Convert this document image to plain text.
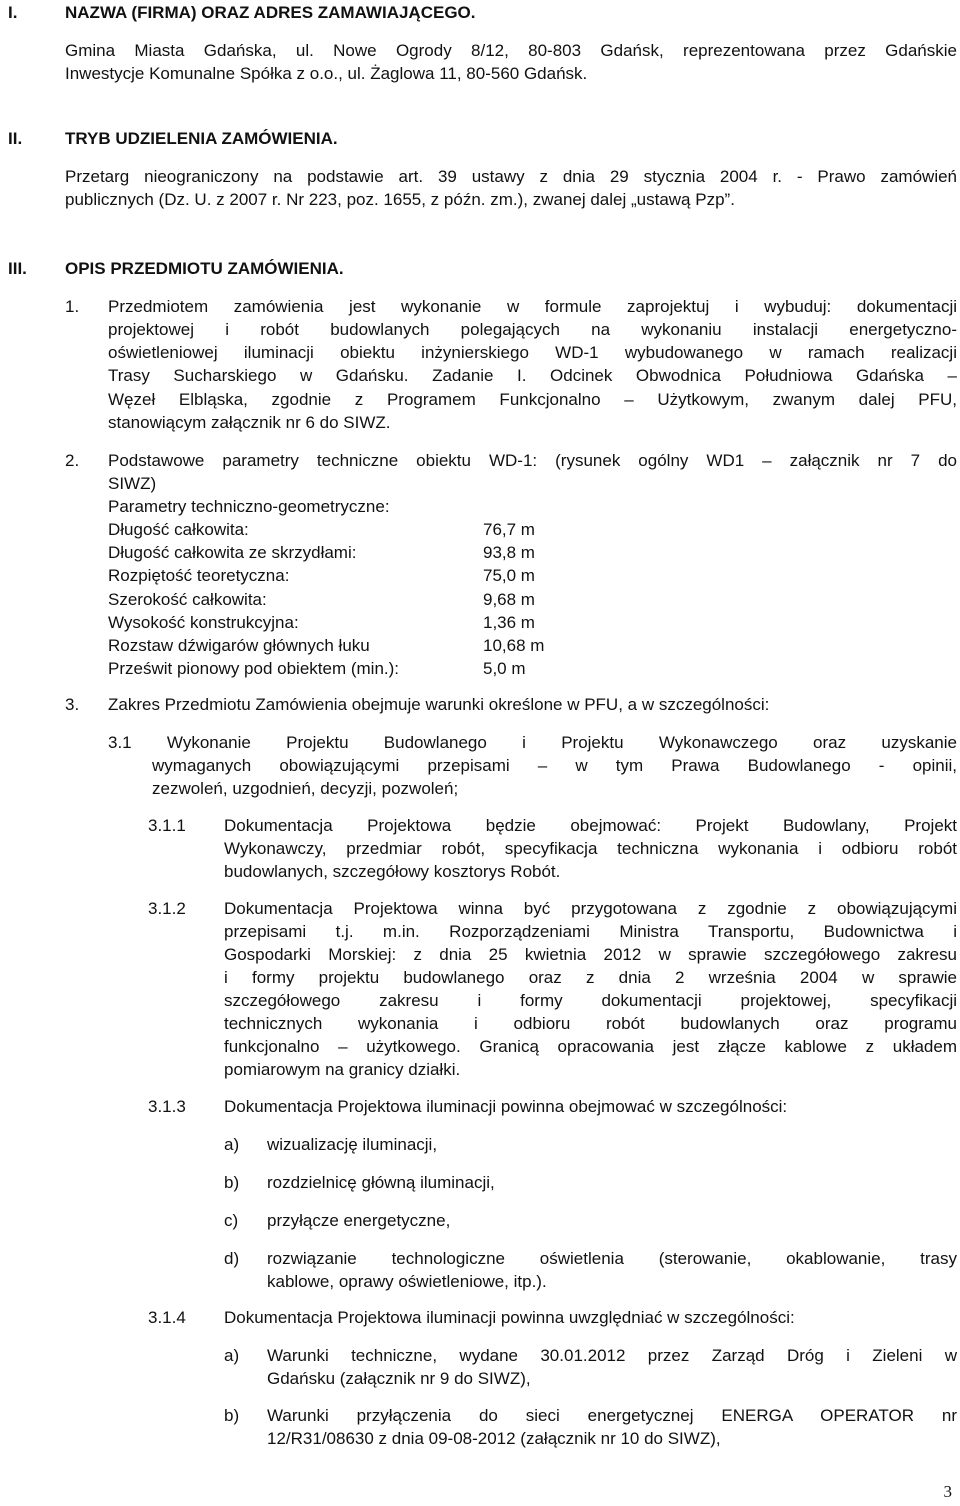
I.	NAZWA (FIRMA) ORAZ ADRES ZAMAWIAJĄCEGO.
Gmina Miasta Gdańska, ul. Nowe Ogrody 8/12, 80-803 Gdańsk, reprezentowana przez Gdańskie
Inwestycje Komunalne Spółka z o.o., ul. Żaglowa 11, 80-560 Gdańsk.
II.	TRYB UDZIELENIA ZAMÓWIENIA.
Przetarg nieograniczony na podstawie art. 39 ustawy z dnia 29 stycznia 2004 r. - Prawo zamówień
publicznych (Dz. U. z 2007 r. Nr 223, poz. 1655, z późn. zm.), zwanej dalej „ustawą Pzp”.
III. OPIS PRZEDMIOTU ZAMÓWIENIA.
1. Przedmiotem zamówienia jest wykonanie w formule zaprojektuj i wybuduj: dokumentacji
projektowej i robót budowlanych polegających na wykonaniu instalacji energetyczno-
oświetleniowej iluminacji obiektu inżynierskiego WD-1 wybudowanego w ramach realizacji
Trasy Sucharskiego w Gdańsku. Zadanie I. Odcinek Obwodnica Południowa Gdańska –
Węzeł Elbląska, zgodnie z Programem Funkcjonalno – Użytkowym, zwanym dalej PFU,
stanowiącym załącznik nr 6 do SIWZ.
2. Podstawowe parametry techniczne obiektu WD-1: (rysunek ogólny WD1 – załącznik nr 7 do
SIWZ)
Parametry techniczno-geometryczne:
Długość całkowita:	76,7 m
Długość całkowita ze skrzydłami:	93,8 m
Rozpiętość teoretyczna:	75,0 m
Szerokość całkowita:	9,68 m
Wysokość konstrukcyjna:	1,36 m
Rozstaw dźwigarów głównych łuku	10,68 m
Prześwit pionowy pod obiektem (min.):	5,0 m
3. Zakres Przedmiotu Zamówienia obejmuje warunki określone w PFU, a w szczególności:
3.1 Wykonanie Projektu Budowlanego i Projektu Wykonawczego oraz uzyskanie
wymaganych obowiązującymi przepisami – w tym Prawa Budowlanego - opinii,
zezwoleń, uzgodnień, decyzji, pozwoleń;
3.1.1 Dokumentacja Projektowa będzie obejmować: Projekt Budowlany, Projekt
Wykonawczy, przedmiar robót, specyfikacja techniczna wykonania i odbioru robót
budowlanych, szczegółowy kosztorys Robót.
3.1.2 Dokumentacja Projektowa winna być przygotowana z zgodnie z obowiązującymi
przepisami t.j. m.in. Rozporządzeniami Ministra Transportu, Budownictwa i
Gospodarki Morskiej: z dnia 25 kwietnia 2012 w sprawie szczegółowego zakresu
i formy projektu budowlanego oraz z dnia 2 września 2004 w sprawie
szczegółowego zakresu i formy dokumentacji projektowej, specyfikacji
technicznych wykonania i odbioru robót budowlanych oraz programu
funkcjonalno – użytkowego. Granicą opracowania jest złącze kablowe z układem
pomiarowym na granicy działki.
3.1.3 Dokumentacja Projektowa iluminacji powinna obejmować w szczególności:
a) wizualizację iluminacji,
b) rozdzielnicę główną iluminacji,
c) przyłącze energetyczne,
d) rozwiązanie technologiczne oświetlenia (sterowanie, okablowanie, trasy
kablowe, oprawy oświetleniowe, itp.).
3.1.4 Dokumentacja Projektowa iluminacji powinna uwzględniać w szczególności:
a) Warunki techniczne, wydane 30.01.2012 przez Zarząd Dróg i Zieleni w
Gdańsku (załącznik nr 9 do SIWZ),
b) Warunki przyłączenia do sieci energetycznej ENERGA OPERATOR nr
12/R31/08630 z dnia 09-08-2012 (załącznik nr 10 do SIWZ),
3
